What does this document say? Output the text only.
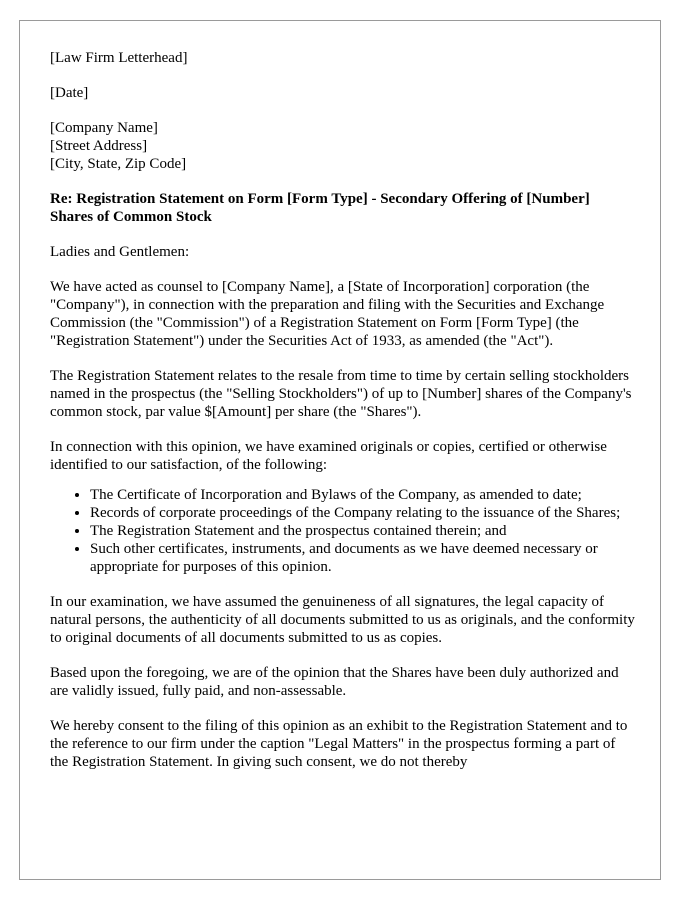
[Law Firm Letterhead]

[Date]

[Company Name]
[Street Address]
[City, State, Zip Code]

Re: Registration Statement on Form [Form Type] - Secondary Offering of [Number] Shares of Common Stock

Ladies and Gentlemen:

We have acted as counsel to [Company Name], a [State of Incorporation] corporation (the "Company"), in connection with the preparation and filing with the Securities and Exchange Commission (the "Commission") of a Registration Statement on Form [Form Type] (the "Registration Statement") under the Securities Act of 1933, as amended (the "Act").

The Registration Statement relates to the resale from time to time by certain selling stockholders named in the prospectus (the "Selling Stockholders") of up to [Number] shares of the Company's common stock, par value $[Amount] per share (the "Shares").

In connection with this opinion, we have examined originals or copies, certified or otherwise identified to our satisfaction, of the following:

• The Certificate of Incorporation and Bylaws of the Company, as amended to date;
• Records of corporate proceedings of the Company relating to the issuance of the Shares;
• The Registration Statement and the prospectus contained therein; and
• Such other certificates, instruments, and documents as we have deemed necessary or appropriate for purposes of this opinion.

In our examination, we have assumed the genuineness of all signatures, the legal capacity of natural persons, the authenticity of all documents submitted to us as originals, and the conformity to original documents of all documents submitted to us as copies.

Based upon the foregoing, we are of the opinion that the Shares have been duly authorized and are validly issued, fully paid, and non-assessable.

We hereby consent to the filing of this opinion as an exhibit to the Registration Statement and to the reference to our firm under the caption "Legal Matters" in the prospectus forming a part of the Registration Statement. In giving such consent, we do not thereby
